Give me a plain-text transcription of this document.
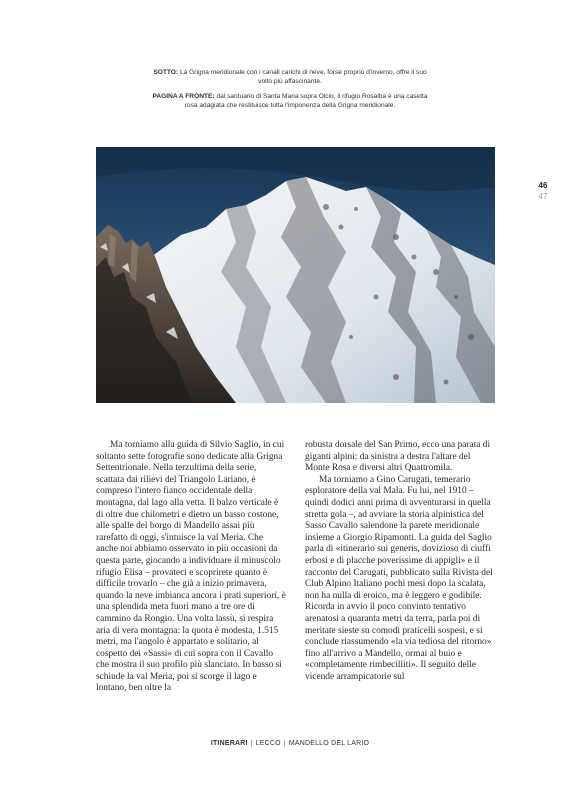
SOTTO: La Grigna meridionale con i canali carichi di neve, forse proprio d'inverno, offre il suo volto più affascinante.

PAGINA A FRONTE: dal santuario di Santa Maria sopra Olcio, il rifugio Rosalba è una casetta rosa adagiata che restituisce tutta l'imponenza della Grigna meridionale.

46
47

Ma torniamo alla guida di Silvio Saglio, in cui soltanto sette fotografie sono dedicate alla Grigna Settentrionale. Nella terzultima della serie, scattata dai rilievi del Triangolo Lariano, è compreso l'intero fianco occidentale della montagna, dal lago alla vetta. Il balzo verticale è di oltre due chilometri e dietro un basso costone, alle spalle del borgo di Mandello assai più rarefatto di oggi, s'intuisce la val Meria. Che anche noi abbiamo osservato in più occasioni da questa parte, giocando a individuare il minuscolo rifugio Elisa – provateci e scoprirete quanto è difficile trovarlo – che già a inizio primavera, quando la neve imbianca ancora i prati superiori, è una splendida meta fuori mano a tre ore di cammino da Rongio. Una volta lassù, si respira aria di vera montagna: la quota è modesta, 1.515 metri, ma l'angolo è appartato e solitario, al cospetto dei «Sassi» di cui sopra con il Cavallo che mostra il suo profilo più slanciato. In basso si schiude la val Meria, poi si scorge il lago e lontano, ben oltre la

robusta dorsale del San Primo, ecco una parata di giganti alpini: da sinistra a destra l'altare del Monte Rosa e diversi altri Quattromila.

Ma torniamo a Gino Carugati, temerario esploratore della val Mala. Fu lui, nel 1910 – quindi dodici anni prima di avventurarsi in quella stretta gola –, ad avviare la storia alpinistica del Sasso Cavallo salendone la parete meridionale insieme a Giorgio Ripamonti. La guida del Saglio parla di «itinerario sui generis, dovizioso di ciuffi erbosi e di placche poverissime di appigli» e il racconto del Carugati, pubblicato sulla Rivista del Club Alpino Italiano pochi mesi dopo la scalata, non ha nulla di eroico, ma è leggero e godibile. Ricorda in avvio il poco convinto tentativo arenatosi a quaranta metri da terra, parla poi di meritate sieste su comodi praticelli sospesi, e si conclude riassumendo «la via tediosa del ritorno» fino all'arrivo a Mandello, ormai al buio e «completamente rimbecilliti». Il seguito delle vicende arrampicatorie sul

ITINERARI | LECCO | MANDELLO DEL LARIO
